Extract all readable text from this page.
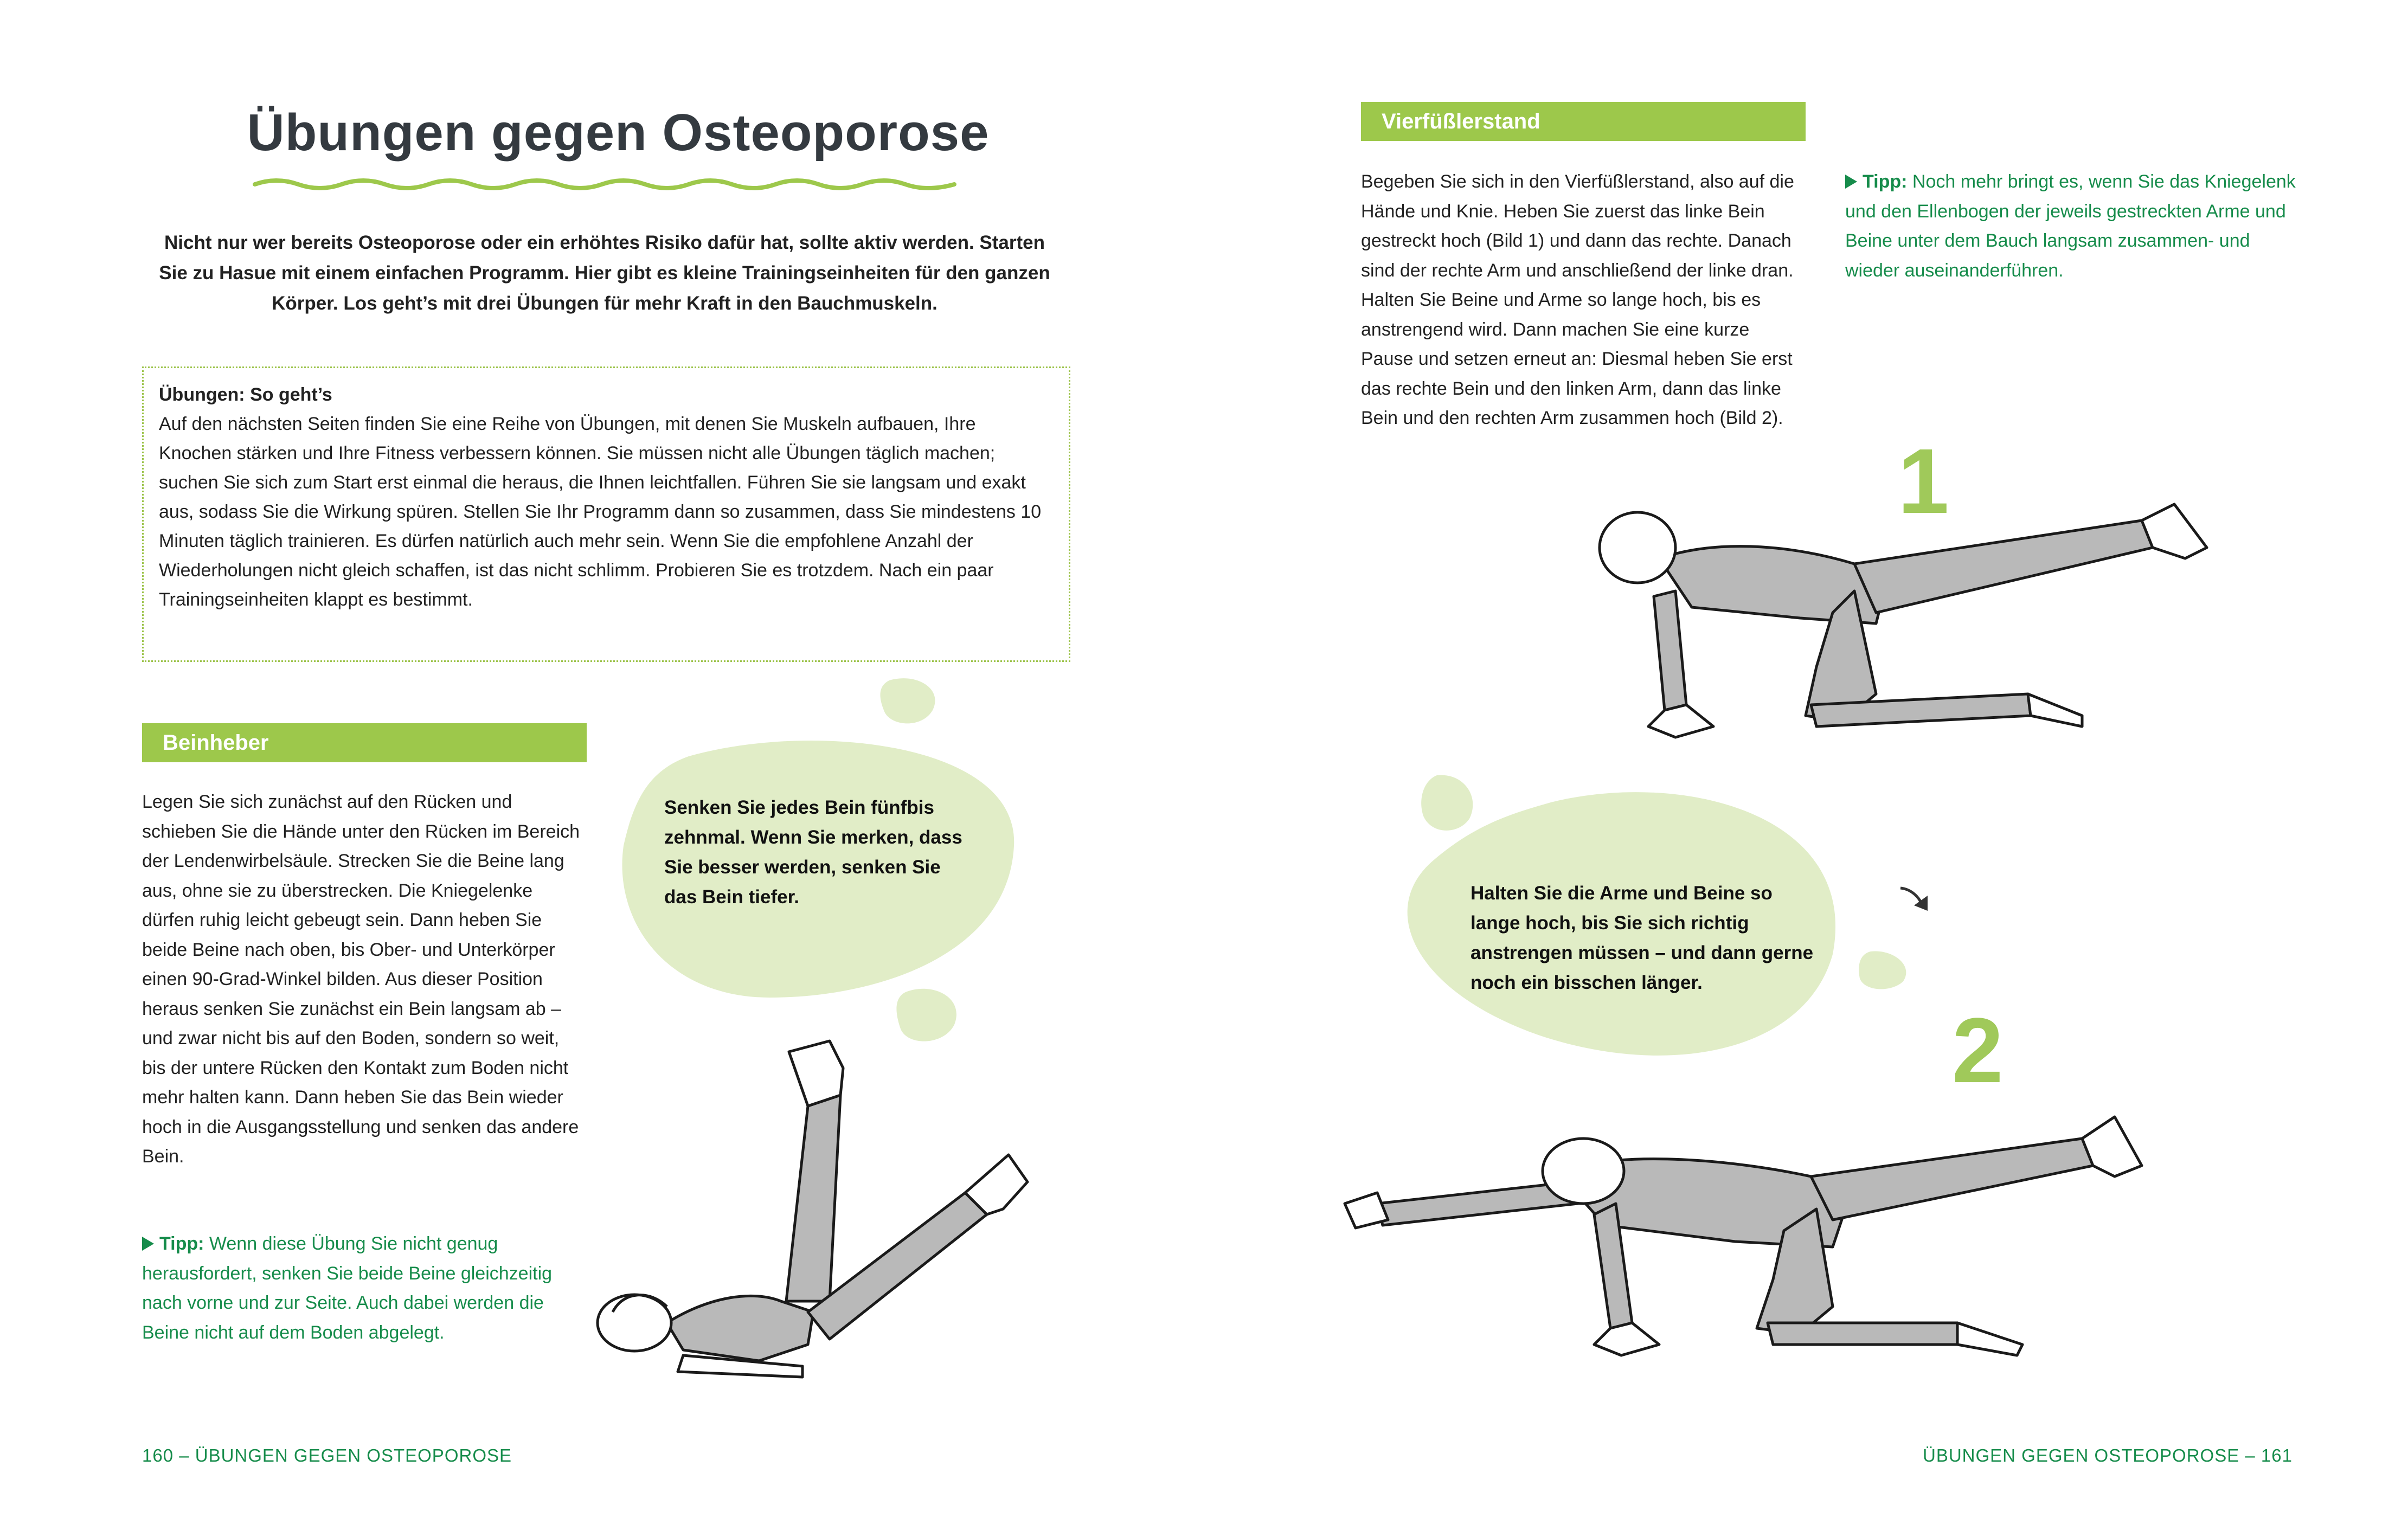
Übungen gegen Osteoporose
Nicht nur wer bereits Osteoporose oder ein erhöhtes Risiko dafür hat, sollte aktiv werden. Starten Sie zu Hasue mit einem einfachen Programm. Hier gibt es kleine Trainingseinheiten für den ganzen Körper. Los geht’s mit drei Übungen für mehr Kraft in den Bauchmuskeln.
Übungen: So geht’s
Auf den nächsten Seiten finden Sie eine Reihe von Übungen, mit denen Sie Muskeln aufbauen, Ihre Knochen stärken und Ihre Fitness verbessern können. Sie müssen nicht alle Übungen täglich machen; suchen Sie sich zum Start erst einmal die heraus, die Ihnen leichtfallen. Führen Sie sie langsam und exakt aus, sodass Sie die Wirkung spüren. Stellen Sie Ihr Programm dann so zusammen, dass Sie mindestens 10 Minuten täglich trainieren. Es dürfen natürlich auch mehr sein. Wenn Sie die empfohlene Anzahl der Wiederholungen nicht gleich schaffen, ist das nicht schlimm. Probieren Sie es trotzdem. Nach ein paar Trainingseinheiten klappt es bestimmt.
Beinheber
Legen Sie sich zunächst auf den Rücken und schieben Sie die Hände unter den Rücken im Bereich der Lendenwirbelsäule. Strecken Sie die Beine lang aus, ohne sie zu überstrecken. Die Kniegelenke dürfen ruhig leicht gebeugt sein. Dann heben Sie beide Beine nach oben, bis Ober- und Unterkörper einen 90-Grad-Winkel bilden. Aus dieser Position heraus senken Sie zunächst ein Bein langsam ab – und zwar nicht bis auf den Boden, sondern so weit, bis der untere Rücken den Kontakt zum Boden nicht mehr halten kann. Dann heben Sie das Bein wieder hoch in die Ausgangsstellung und senken das andere Bein.
Tipp: Wenn diese Übung Sie nicht genug herausfordert, senken Sie beide Beine gleichzeitig nach vorne und zur Seite. Auch dabei werden die Beine nicht auf dem Boden abgelegt.
Senken Sie jedes Bein fünfbis zehnmal. Wenn Sie merken, dass Sie besser werden, senken Sie das Bein tiefer.
160 – ÜBUNGEN GEGEN OSTEOPOROSE
Vierfüßlerstand
Begeben Sie sich in den Vierfüßlerstand, also auf die Hände und Knie. Heben Sie zuerst das linke Bein gestreckt hoch (Bild 1) und dann das rechte. Danach sind der rechte Arm und anschließend der linke dran. Halten Sie Beine und Arme so lange hoch, bis es anstrengend wird. Dann machen Sie eine kurze Pause und setzen erneut an: Diesmal heben Sie erst das rechte Bein und den linken Arm, dann das linke Bein und den rechten Arm zusammen hoch (Bild 2).
Tipp: Noch mehr bringt es, wenn Sie das Kniegelenk und den Ellenbogen der jeweils gestreckten Arme und Beine unter dem Bauch langsam zusammen- und wieder auseinanderführen.
1
2
Halten Sie die Arme und Beine so lange hoch, bis Sie sich richtig anstrengen müssen – und dann gerne noch ein bisschen länger.
ÜBUNGEN GEGEN OSTEOPOROSE – 161
